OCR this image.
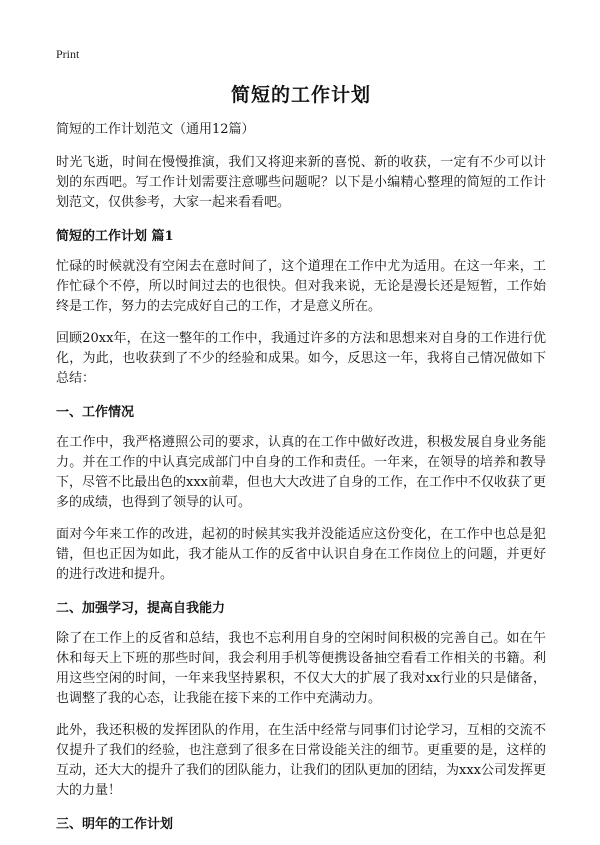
Print
简短的工作计划
简短的工作计划范文（通用12篇）

时光飞逝，时间在慢慢推演，我们又将迎来新的喜悦、新的收获，一定有不少可以计划的东西吧。写工作计划需要注意哪些问题呢？以下是小编精心整理的简短的工作计划范文，仅供参考，大家一起来看看吧。

简短的工作计划 篇1

忙碌的时候就没有空闲去在意时间了，这个道理在工作中尤为适用。在这一年来，工作忙碌个不停，所以时间过去的也很快。但对我来说，无论是漫长还是短暂，工作始终是工作，努力的去完成好自己的工作，才是意义所在。

回顾20xx年，在这一整年的工作中，我通过许多的方法和思想来对自身的工作进行优化，为此，也收获到了不少的经验和成果。如今，反思这一年，我将自己情况做如下总结：

一、工作情况

在工作中，我严格遵照公司的要求，认真的在工作中做好改进，积极发展自身业务能力。并在工作的中认真完成部门中自身的工作和责任。一年来，在领导的培养和教导下，尽管不比最出色的xxx前辈，但也大大改进了自身的工作，在工作中不仅收获了更多的成绩，也得到了领导的认可。

面对今年来工作的改进，起初的时候其实我并没能适应这份变化，在工作中也总是犯错，但也正因为如此，我才能从工作的反省中认识自身在工作岗位上的问题，并更好的进行改进和提升。

二、加强学习，提高自我能力

除了在工作上的反省和总结，我也不忘利用自身的空闲时间积极的完善自己。如在午休和每天上下班的那些时间，我会利用手机等便携设备抽空看看工作相关的书籍。利用这些空闲的时间，一年来我坚持累积，不仅大大的扩展了我对xx行业的只是储备，也调整了我的心态，让我能在接下来的工作中充满动力。

此外，我还积极的发挥团队的作用，在生活中经常与同事们讨论学习，互相的交流不仅提升了我们的经验，也注意到了很多在日常设能关注的细节。更重要的是，这样的互动，还大大的提升了我们的团队能力，让我们的团队更加的团结，为xxx公司发挥更大的力量！

三、明年的工作计划
